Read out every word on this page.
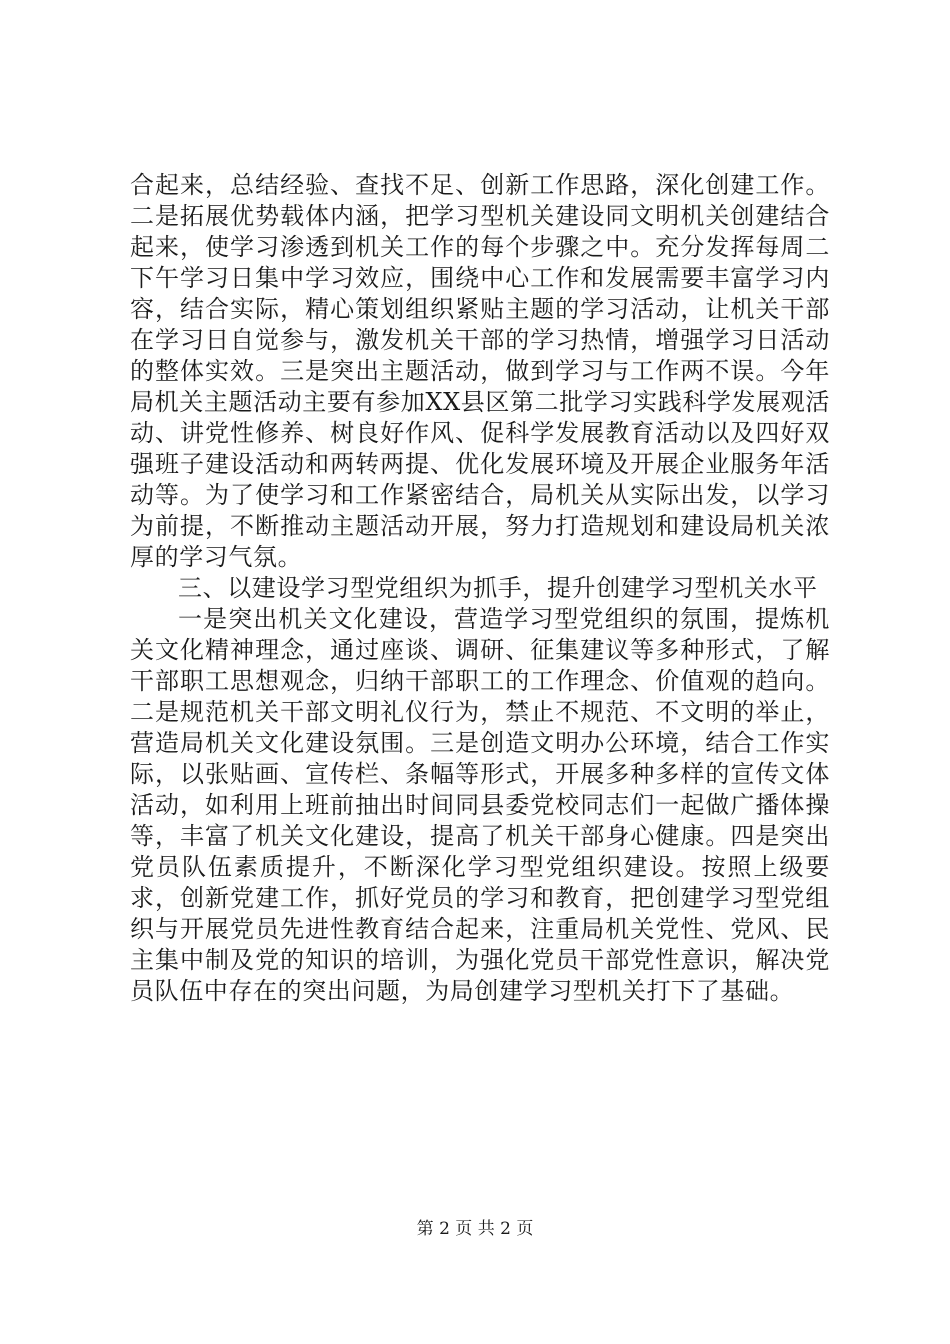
合起来，总结经验、查找不足、创新工作思路，深化创建工作。二是拓展优势载体内涵，把学习型机关建设同文明机关创建结合起来，使学习渗透到机关工作的每个步骤之中。充分发挥每周二下午学习日集中学习效应，围绕中心工作和发展需要丰富学习内容，结合实际，精心策划组织紧贴主题的学习活动，让机关干部在学习日自觉参与，激发机关干部的学习热情，增强学习日活动的整体实效。三是突出主题活动，做到学习与工作两不误。今年局机关主题活动主要有参加XX县区第二批学习实践科学发展观活动、讲党性修养、树良好作风、促科学发展教育活动以及四好双强班子建设活动和两转两提、优化发展环境及开展企业服务年活动等。为了使学习和工作紧密结合，局机关从实际出发，以学习为前提，不断推动主题活动开展，努力打造规划和建设局机关浓厚的学习气氛。

三、以建设学习型党组织为抓手，提升创建学习型机关水平

一是突出机关文化建设，营造学习型党组织的氛围，提炼机关文化精神理念，通过座谈、调研、征集建议等多种形式，了解干部职工思想观念，归纳干部职工的工作理念、价值观的趋向。二是规范机关干部文明礼仪行为，禁止不规范、不文明的举止，营造局机关文化建设氛围。三是创造文明办公环境，结合工作实际，以张贴画、宣传栏、条幅等形式，开展多种多样的宣传文体活动，如利用上班前抽出时间同县委党校同志们一起做广播体操等，丰富了机关文化建设，提高了机关干部身心健康。四是突出党员队伍素质提升，不断深化学习型党组织建设。按照上级要求，创新党建工作，抓好党员的学习和教育，把创建学习型党组织与开展党员先进性教育结合起来，注重局机关党性、党风、民主集中制及党的知识的培训，为强化党员干部党性意识，解决党员队伍中存在的突出问题，为局创建学习型机关打下了基础。

第 2 页 共 2 页
